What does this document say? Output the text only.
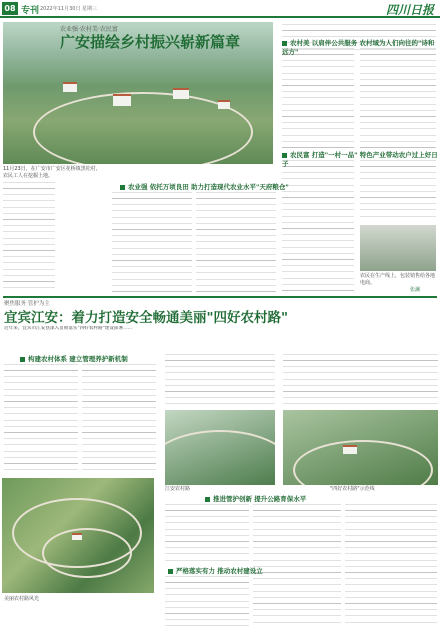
08 专刊 2022年11月30日 星期三	四川日报
农业强·农村美·农民富
广安描绘乡村振兴崭新篇章
11月23日，在广安市广安区花桥镇黑松村，农民工人在挖掘土地。
农业强 依托万顷良田 助力打造现代农业水平"天府粮仓"
农村美 以肩伴公共服务 农村域为人们向往的"诗和远方"
农民富 打造"一村一品" 特色产业带动农户过上好日子
农民在生产线上，包装销售给各地电商。
张澜
聚焦服务 管护为主
宜宾江安：着力打造安全畅通美丽"四好农村路"
近年来，宜宾市江安县深入贯彻落实"四好农村路"建设部署……
构建农村体系 建立管理养护新机制
江安农村路	"四好农村路"示范线
推进管护创新 提升公路育保水平
严格落实有力 推动农村建设立
美丽农村路风光
